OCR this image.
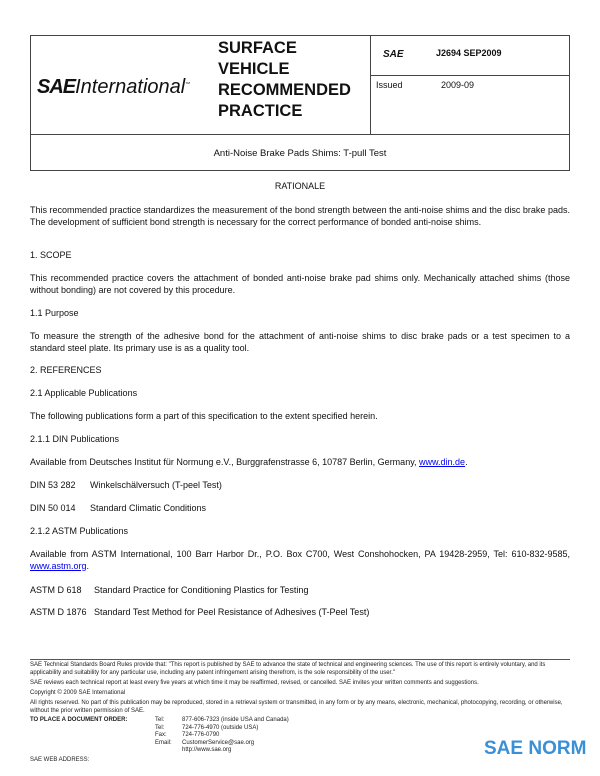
SAEInternational™
SURFACE
VEHICLE
RECOMMENDED
PRACTICE
SAE	J2694 SEP2009
Issued	2009-09
Anti-Noise Brake Pads Shims: T-pull Test
RATIONALE
This recommended practice standardizes the measurement of the bond strength between the anti-noise shims and the disc brake pads. The development of sufficient bond strength is necessary for the correct performance of bonded anti-noise shims.
1. SCOPE
This recommended practice covers the attachment of bonded anti-noise brake pad shims only. Mechanically attached shims (those without bonding) are not covered by this procedure.
1.1 Purpose
To measure the strength of the adhesive bond for the attachment of anti-noise shims to disc brake pads or a test specimen to a standard steel plate. Its primary use is as a quality tool.
2. REFERENCES
2.1 Applicable Publications
The following publications form a part of this specification to the extent specified herein.
2.1.1 DIN Publications
Available from Deutsches Institut für Normung e.V., Burggrafenstrasse 6, 10787 Berlin, Germany, www.din.de.
DIN 53 282 Winkelschälversuch (T-peel Test)
DIN 50 014 Standard Climatic Conditions
2.1.2 ASTM Publications
Available from ASTM International, 100 Barr Harbor Dr., P.O. Box C700, West Conshohocken, PA 19428-2959, Tel: 610-832-9585, www.astm.org.
ASTM D 618 Standard Practice for Conditioning Plastics for Testing
ASTM D 1876 Standard Test Method for Peel Resistance of Adhesives (T-Peel Test)
SAE Technical Standards Board Rules provide that: "This report is published by SAE to advance the state of technical and engineering sciences. The use of this report is entirely voluntary, and its applicability and suitability for any particular use, including any patent infringement arising therefrom, is the sole responsibility of the user."
SAE reviews each technical report at least every five years at which time it may be reaffirmed, revised, or cancelled. SAE invites your written comments and suggestions.
Copyright © 2009 SAE International
All rights reserved. No part of this publication may be reproduced, stored in a retrieval system or transmitted, in any form or by any means, electronic, mechanical, photocopying, recording, or otherwise, without the prior written permission of SAE.
TO PLACE A DOCUMENT ORDER:	Tel:	877-606-7323 (inside USA and Canada)
Tel:	724-776-4970 (outside USA)
Fax:	724-776-0790
Email: CustomerService@sae.org
http://www.sae.org
SAE WEB ADDRESS:
SAE NORM
